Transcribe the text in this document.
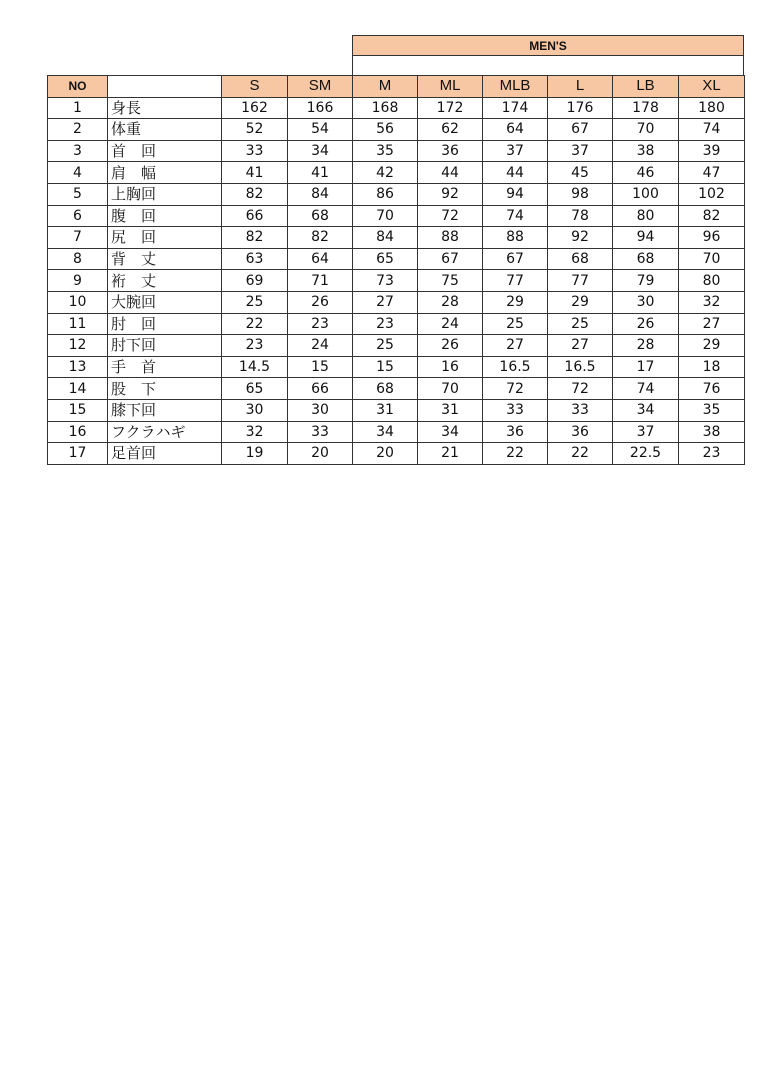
MEN'S

NO		S	SM	M	ML	MLB	L	LB	XL
1	身長	162	166	168	172	174	176	178	180
2	体重	52	54	56	62	64	67	70	74
3	首　回	33	34	35	36	37	37	38	39
4	肩　幅	41	41	42	44	44	45	46	47
5	上胸回	82	84	86	92	94	98	100	102
6	腹　回	66	68	70	72	74	78	80	82
7	尻　回	82	82	84	88	88	92	94	96
8	背　丈	63	64	65	67	67	68	68	70
9	裄　丈	69	71	73	75	77	77	79	80
10	大腕回	25	26	27	28	29	29	30	32
11	肘　回	22	23	23	24	25	25	26	27
12	肘下回	23	24	25	26	27	27	28	29
13	手　首	14.5	15	15	16	16.5	16.5	17	18
14	股　下	65	66	68	70	72	72	74	76
15	膝下回	30	30	31	31	33	33	34	35
16	フクラハギ	32	33	34	34	36	36	37	38
17	足首回	19	20	20	21	22	22	22.5	23
